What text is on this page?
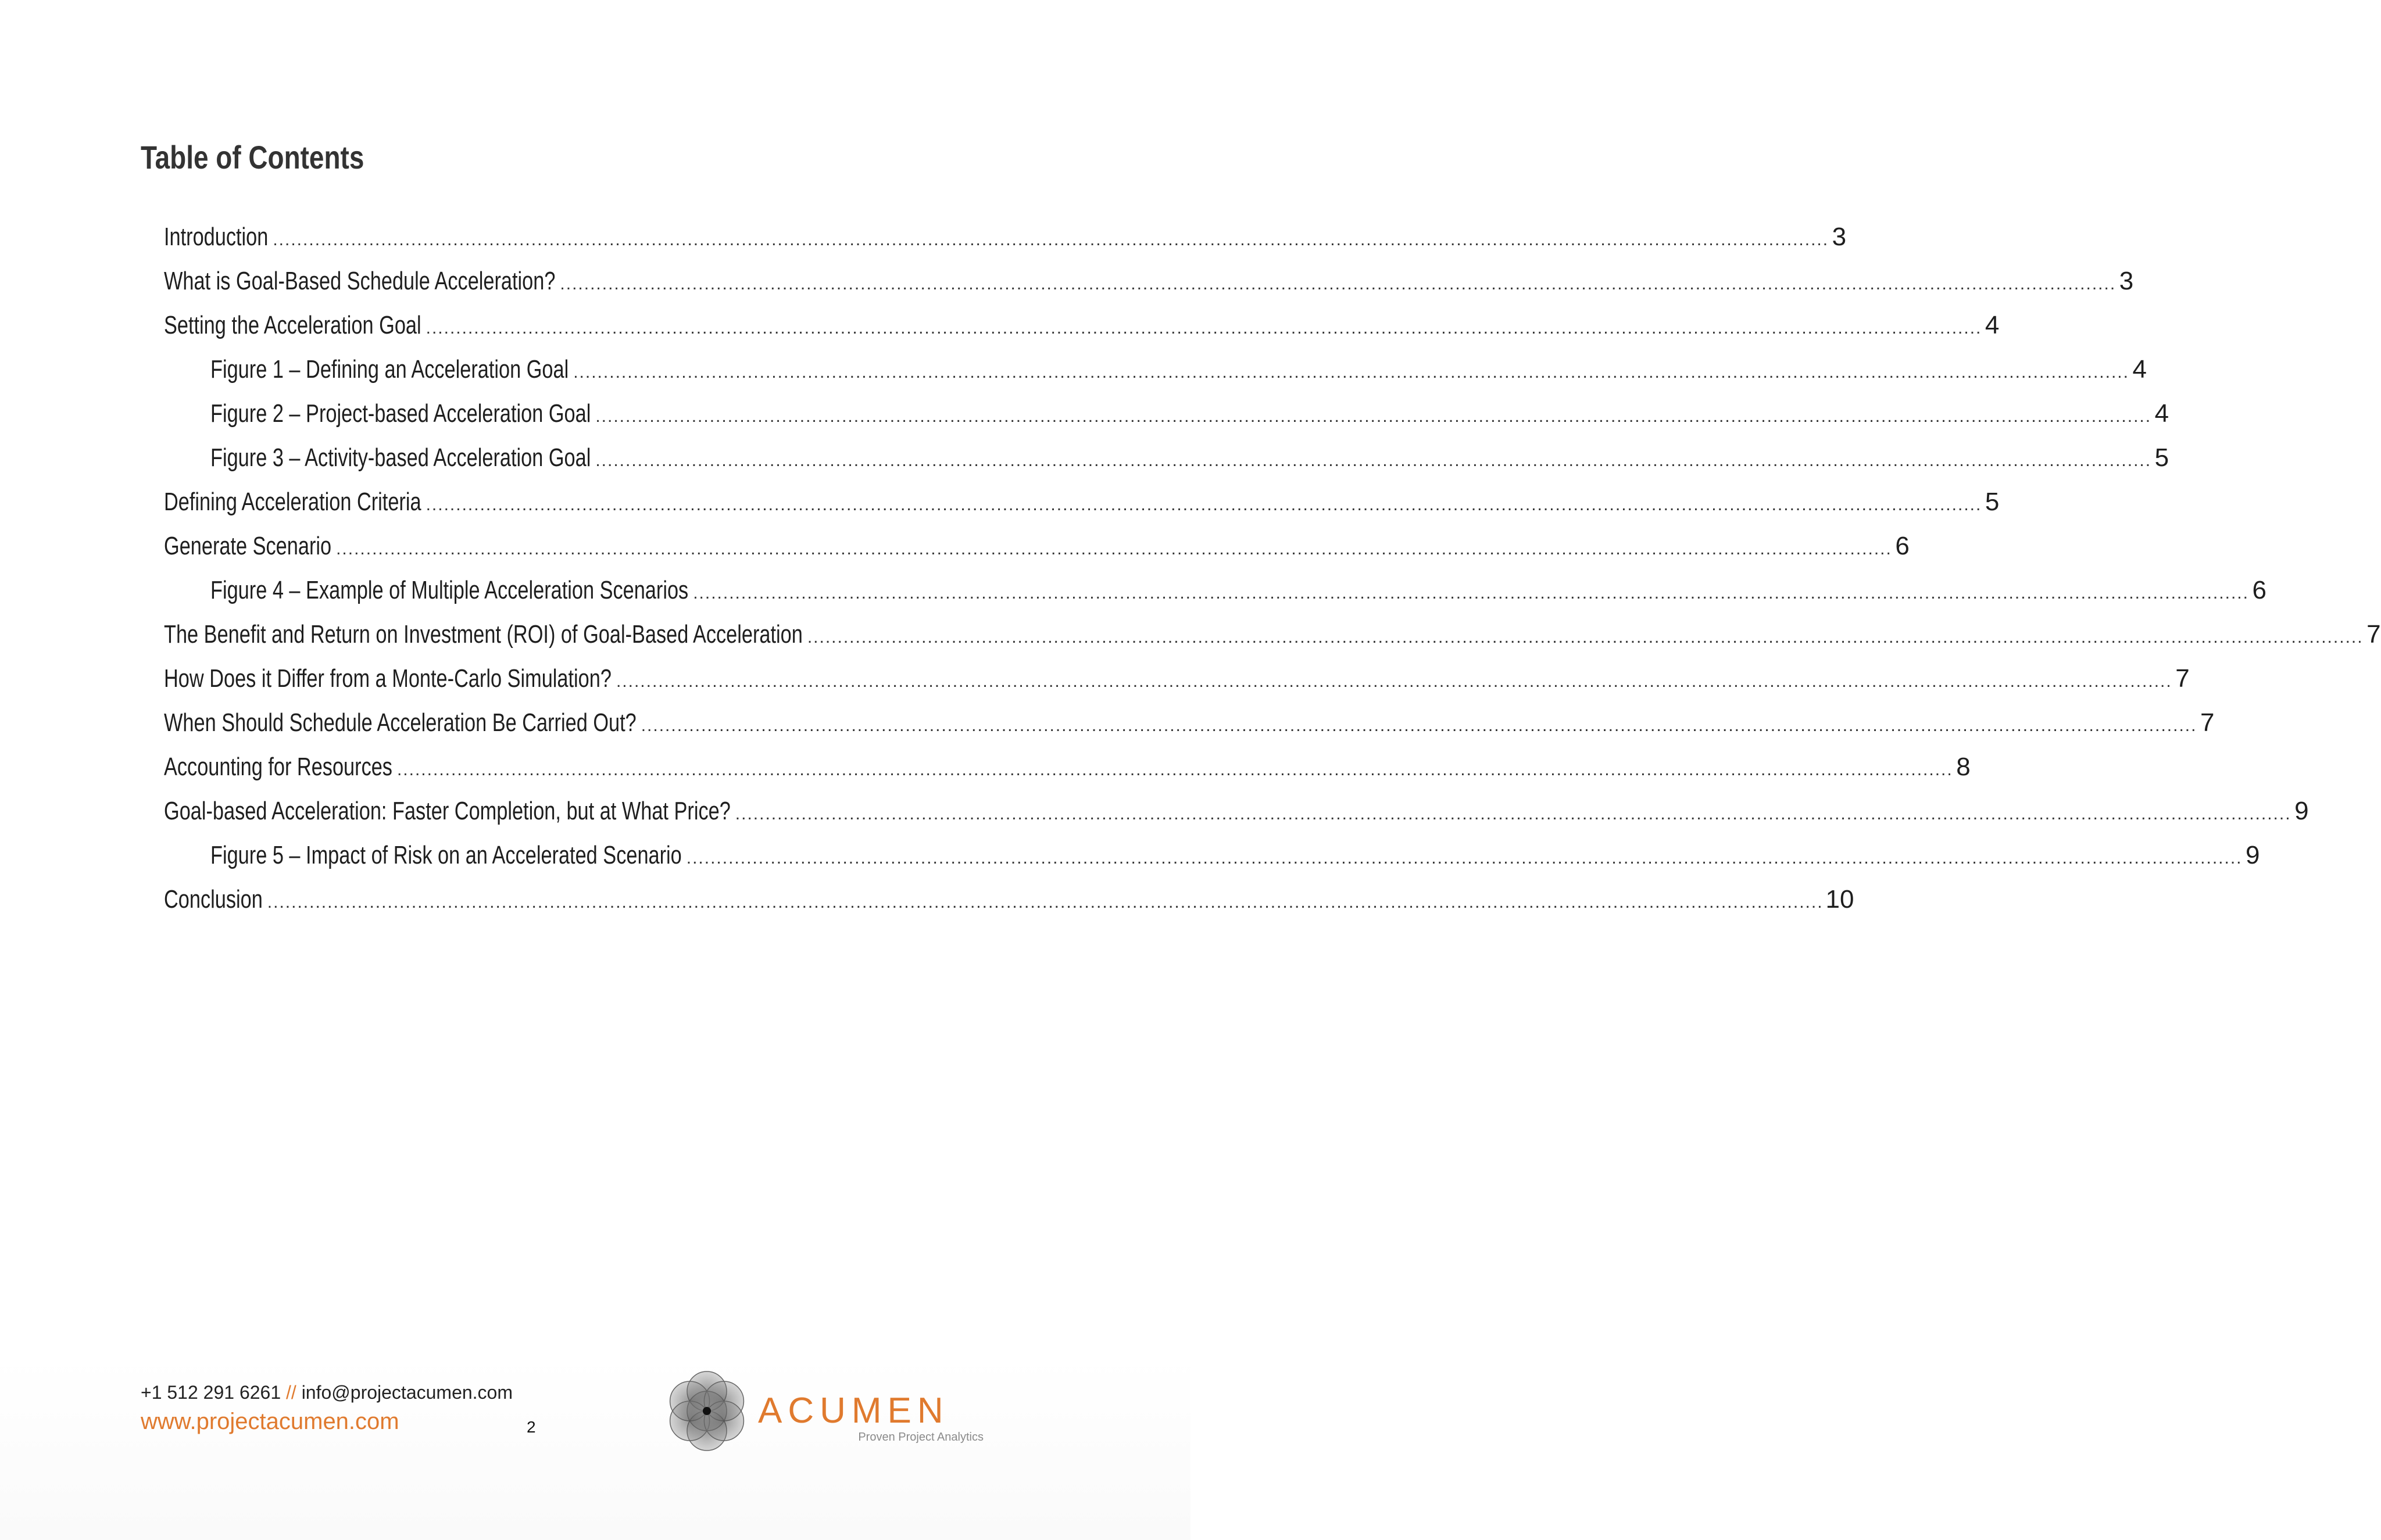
Table of Contents
Introduction .....	3
What is Goal-Based Schedule Acceleration? .....	3
Setting the Acceleration Goal .....	4
Figure 1 – Defining an Acceleration Goal .....	4
Figure 2 – Project-based Acceleration Goal .....	4
Figure 3 – Activity-based Acceleration Goal .....	5
Defining Acceleration Criteria .....	5
Generate Scenario .....	6
Figure 4 – Example of Multiple Acceleration Scenarios .....	6
The Benefit and Return on Investment (ROI) of Goal-Based Acceleration .....	7
How Does it Differ from a Monte-Carlo Simulation? .....	7
When Should Schedule Acceleration Be Carried Out? .....	7
Accounting for Resources .....	8
Goal-based Acceleration: Faster Completion, but at What Price? .....	9
Figure 5 – Impact of Risk on an Accelerated Scenario .....	9
Conclusion .....	10
+1 512 291 6261 // info@projectacumen.com
www.projectacumen.com	2	ACUMEN
Proven Project Analytics
